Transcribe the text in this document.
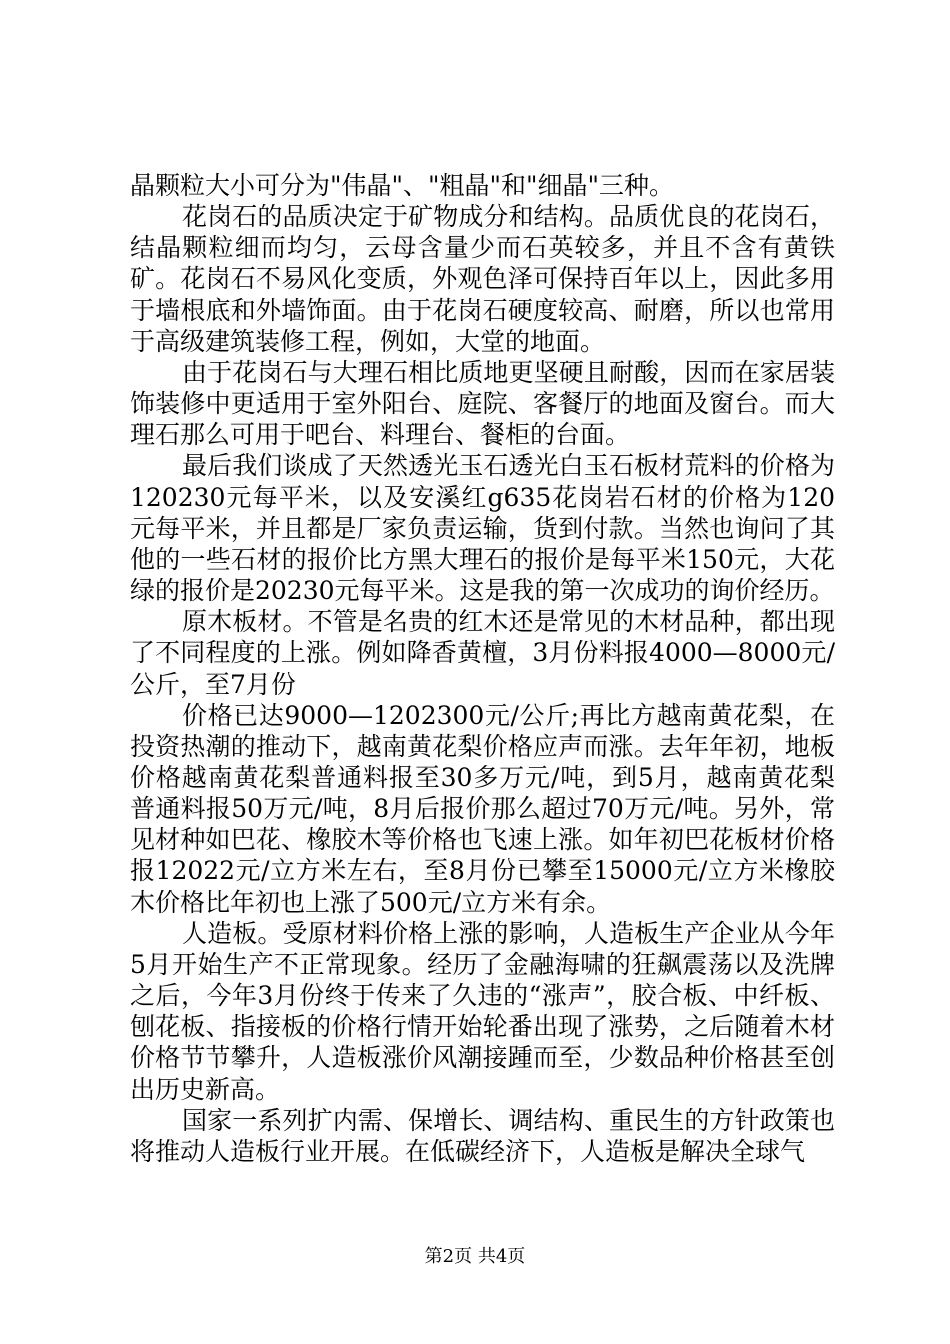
晶颗粒大小可分为"伟晶"、"粗晶"和"细晶"三种。

花岗石的品质决定于矿物成分和结构。品质优良的花岗石，结晶颗粒细而均匀，云母含量少而石英较多，并且不含有黄铁矿。花岗石不易风化变质，外观色泽可保持百年以上，因此多用于墙根底和外墙饰面。由于花岗石硬度较高、耐磨，所以也常用于高级建筑装修工程，例如，大堂的地面。

由于花岗石与大理石相比质地更坚硬且耐酸，因而在家居装饰装修中更适用于室外阳台、庭院、客餐厅的地面及窗台。而大理石那么可用于吧台、料理台、餐柜的台面。

最后我们谈成了天然透光玉石透光白玉石板材荒料的价格为120230元每平米，以及安溪红g635花岗岩石材的价格为120元每平米，并且都是厂家负责运输，货到付款。当然也询问了其他的一些石材的报价比方黑大理石的报价是每平米150元，大花绿的报价是20230元每平米。这是我的第一次成功的询价经历。

原木板材。不管是名贵的红木还是常见的木材品种，都出现了不同程度的上涨。例如降香黄檀，3月份料报4000—8000元/公斤，至7月份

价格已达9000—1202300元/公斤;再比方越南黄花梨，在投资热潮的推动下，越南黄花梨价格应声而涨。去年年初，地板价格越南黄花梨普通料报至30多万元/吨，到5月，越南黄花梨普通料报50万元/吨，8月后报价那么超过70万元/吨。另外，常见材种如巴花、橡胶木等价格也飞速上涨。如年初巴花板材价格报12022元/立方米左右，至8月份已攀至15000元/立方米橡胶木价格比年初也上涨了500元/立方米有余。

人造板。受原材料价格上涨的影响，人造板生产企业从今年5月开始生产不正常现象。经历了金融海啸的狂飙震荡以及洗牌之后，今年3月份终于传来了久违的“涨声”，胶合板、中纤板、刨花板、指接板的价格行情开始轮番出现了涨势，之后随着木材价格节节攀升，人造板涨价风潮接踵而至，少数品种价格甚至创出历史新高。

国家一系列扩内需、保增长、调结构、重民生的方针政策也将推动人造板行业开展。在低碳经济下，人造板是解决全球气

第2页 共4页
